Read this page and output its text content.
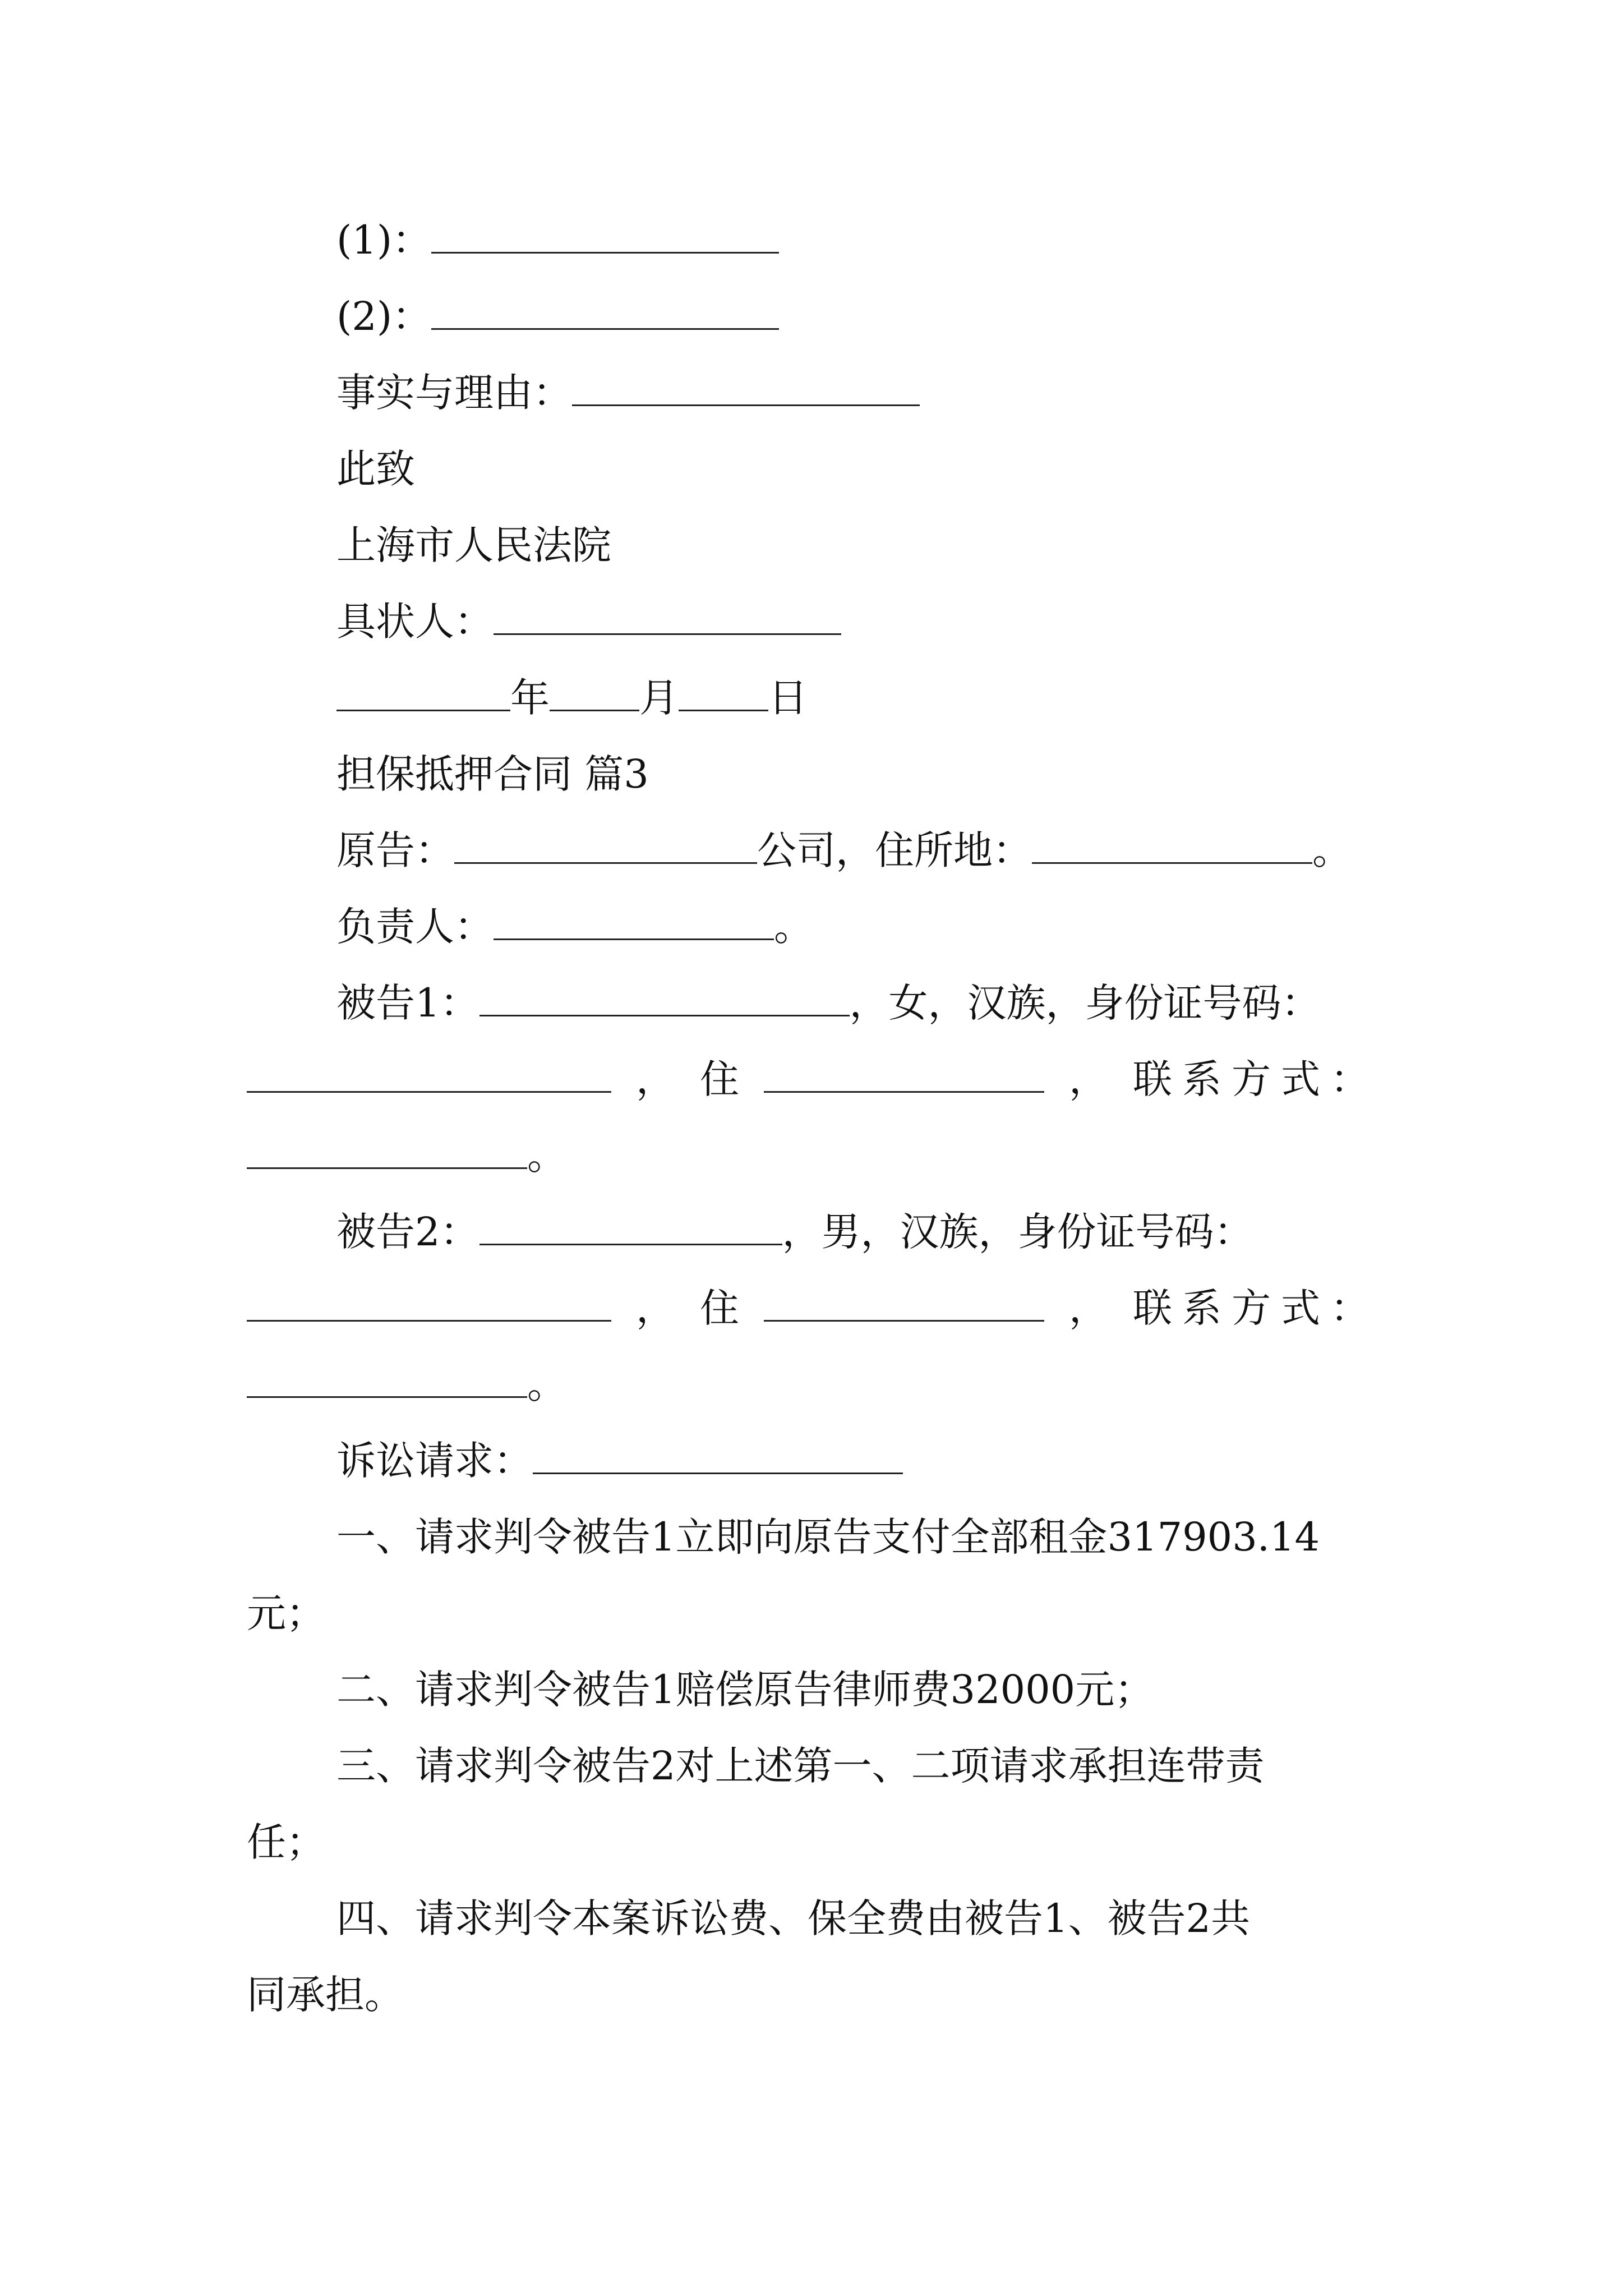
(1)：
(2)：
事实与理由：
此致
上海市人民法院
具状人：
年 月 日
担保抵押合同 篇3
原告：	公司，住所地：	。
负责人：	。
被告1：	，女，汉族，身份证号码：
， 住	， 联系方式：
。
被告2：	，男，汉族，身份证号码：
， 住	， 联系方式：
。
诉讼请求：
一、请求判令被告1立即向原告支付全部租金317903.14
元；
二、请求判令被告1赔偿原告律师费32000元；
三、请求判令被告2对上述第一、二项请求承担连带责
任；
四、请求判令本案诉讼费、保全费由被告1、被告2共
同承担。
